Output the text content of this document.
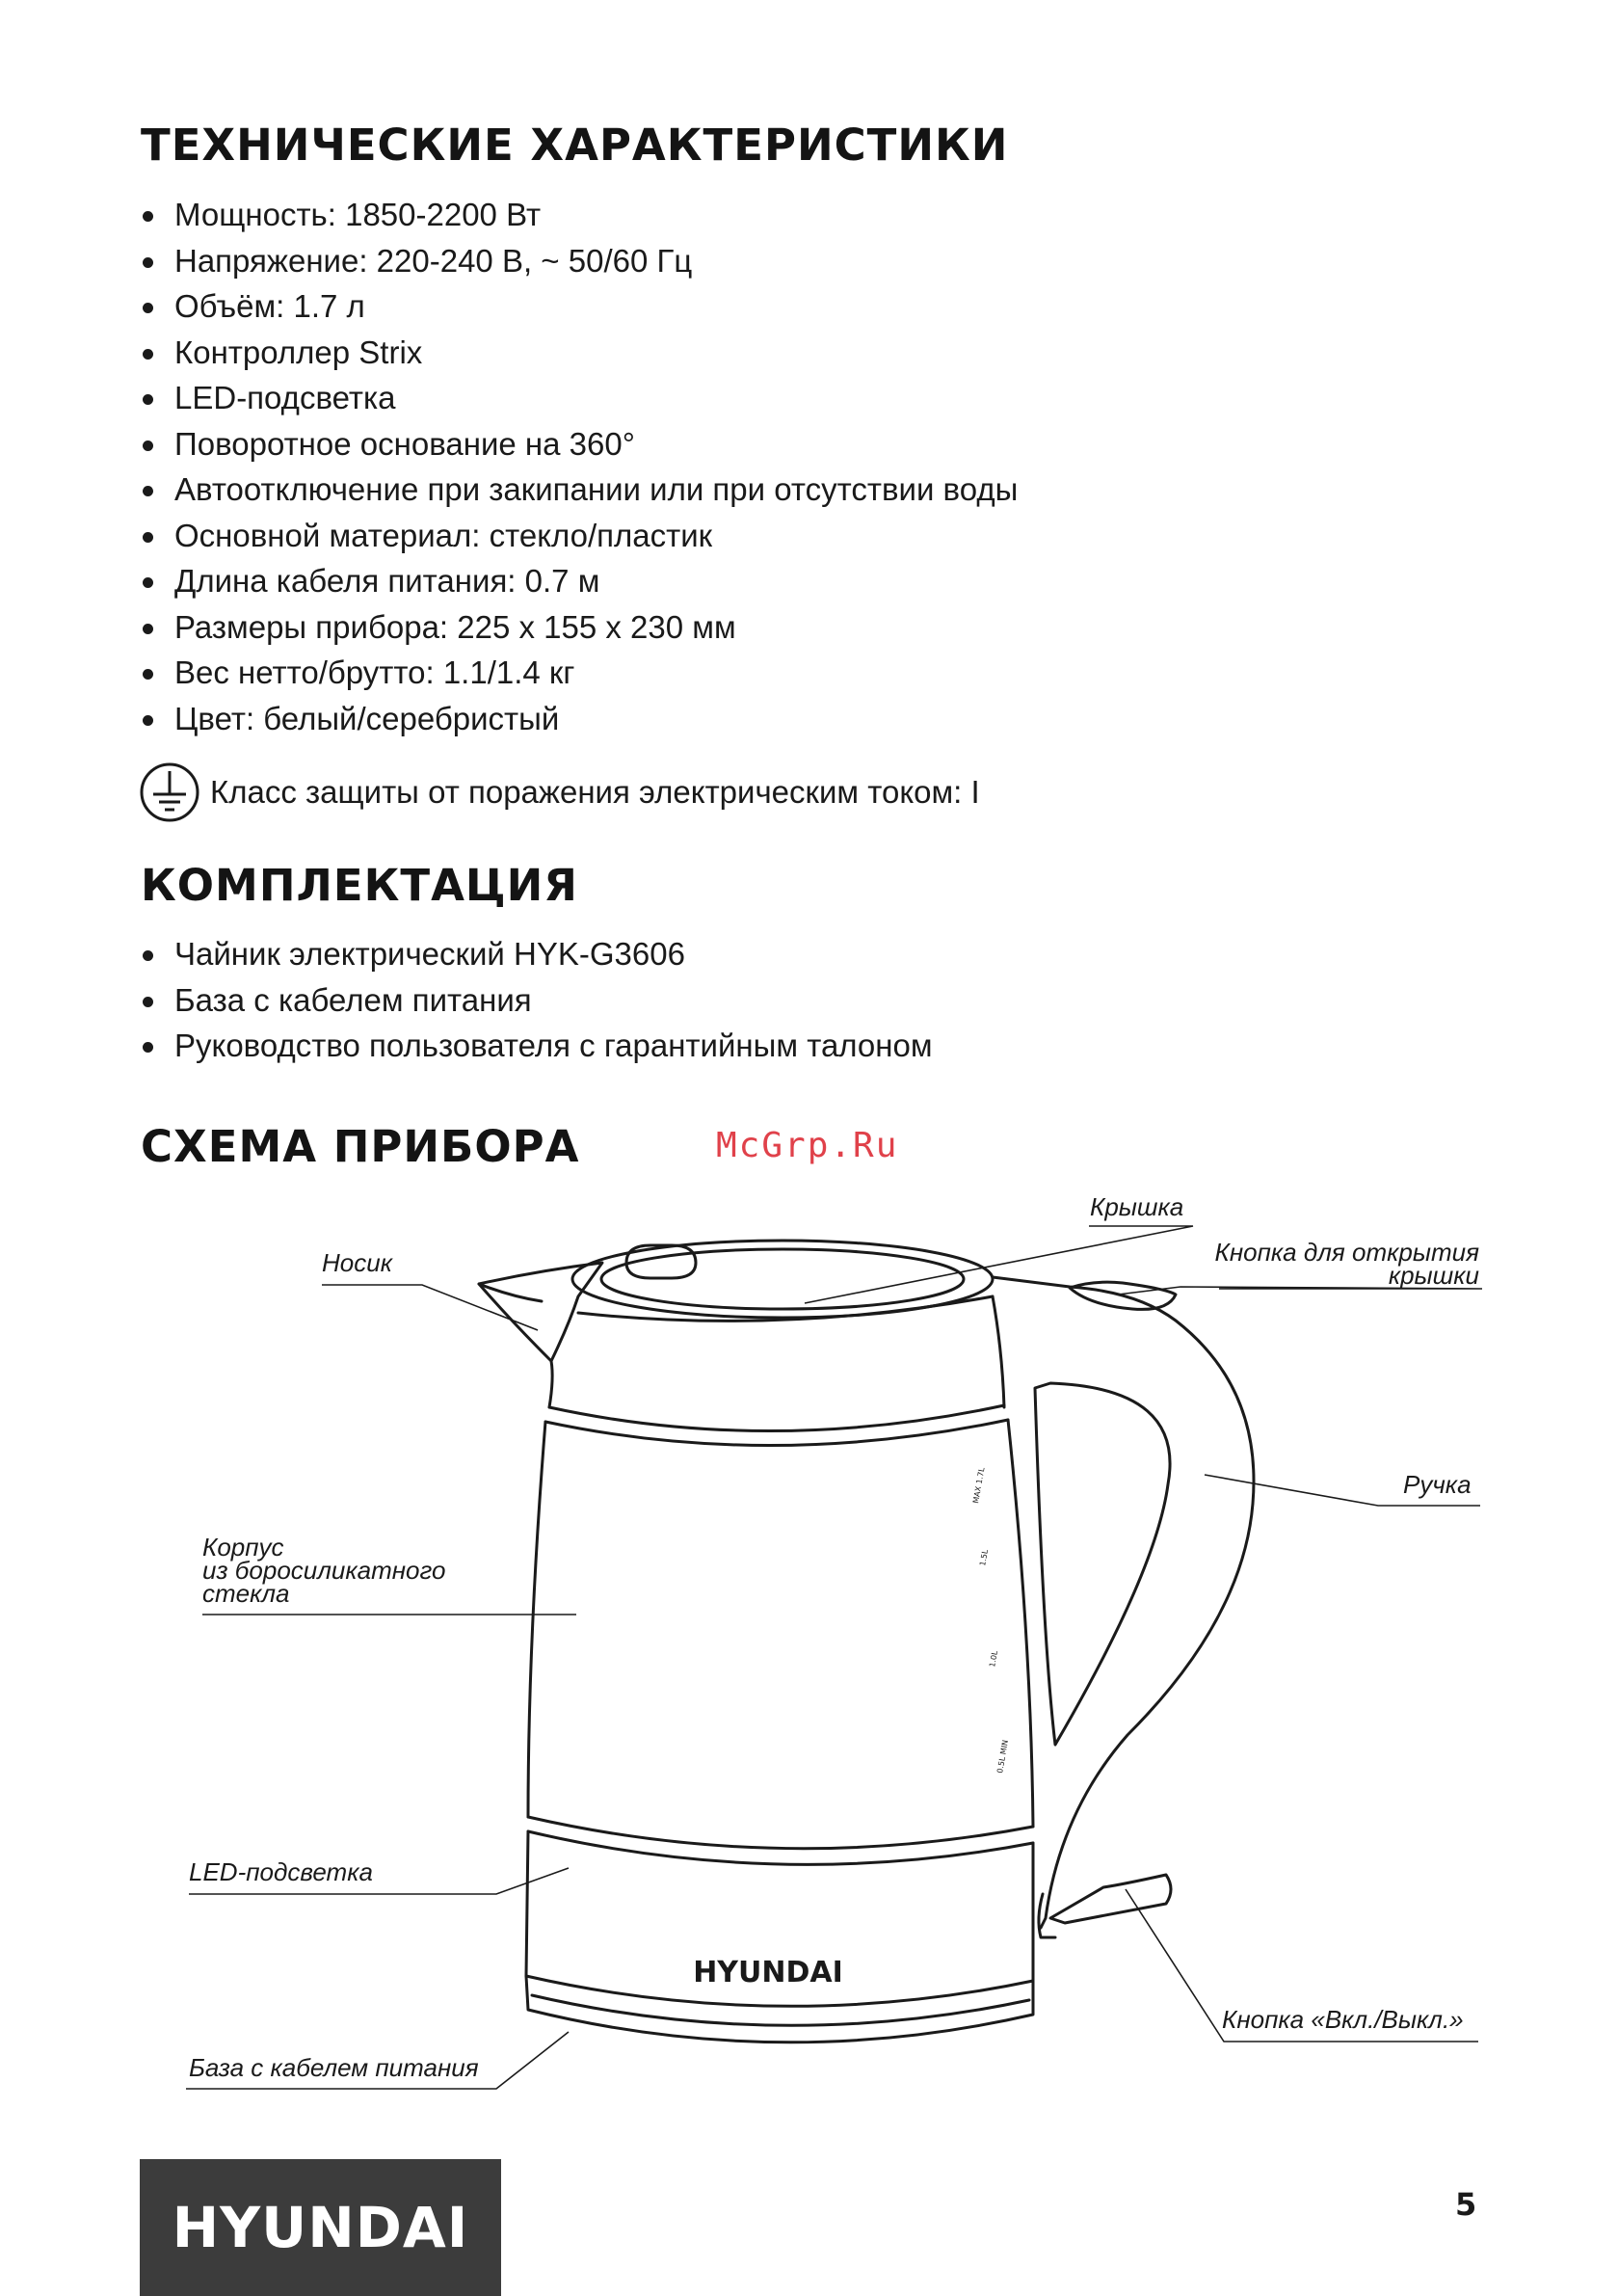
ТЕХНИЧЕСКИЕ ХАРАКТЕРИСТИКИ
Мощность: 1850-2200 Вт
Напряжение: 220-240 В, ~ 50/60 Гц
Объём: 1.7 л
Контроллер Strix
LED-подсветка
Поворотное основание на 360°
Автоотключение при закипании или при отсутствии воды
Основной материал: стекло/пластик
Длина кабеля питания: 0.7 м
Размеры прибора: 225 х 155 х 230 мм
Вес нетто/брутто: 1.1/1.4 кг
Цвет: белый/серебристый
Класс защиты от поражения электрическим током: I
КОМПЛЕКТАЦИЯ
Чайник электрический HYK-G3606
База с кабелем питания
Руководство пользователя с гарантийным талоном
СХЕМА ПРИБОРА	McGrp.Ru
MAX 1.7L
1.5L
1.0L
0.5L MIN
HYUNDAI
Крышка
Кнопка для открытия
крышки
Носик
Ручка
Корпус
из боросиликатного
стекла
LED-подсветка
База с кабелем питания
Кнопка «Вкл./Выкл.»
HYUNDAI	5
